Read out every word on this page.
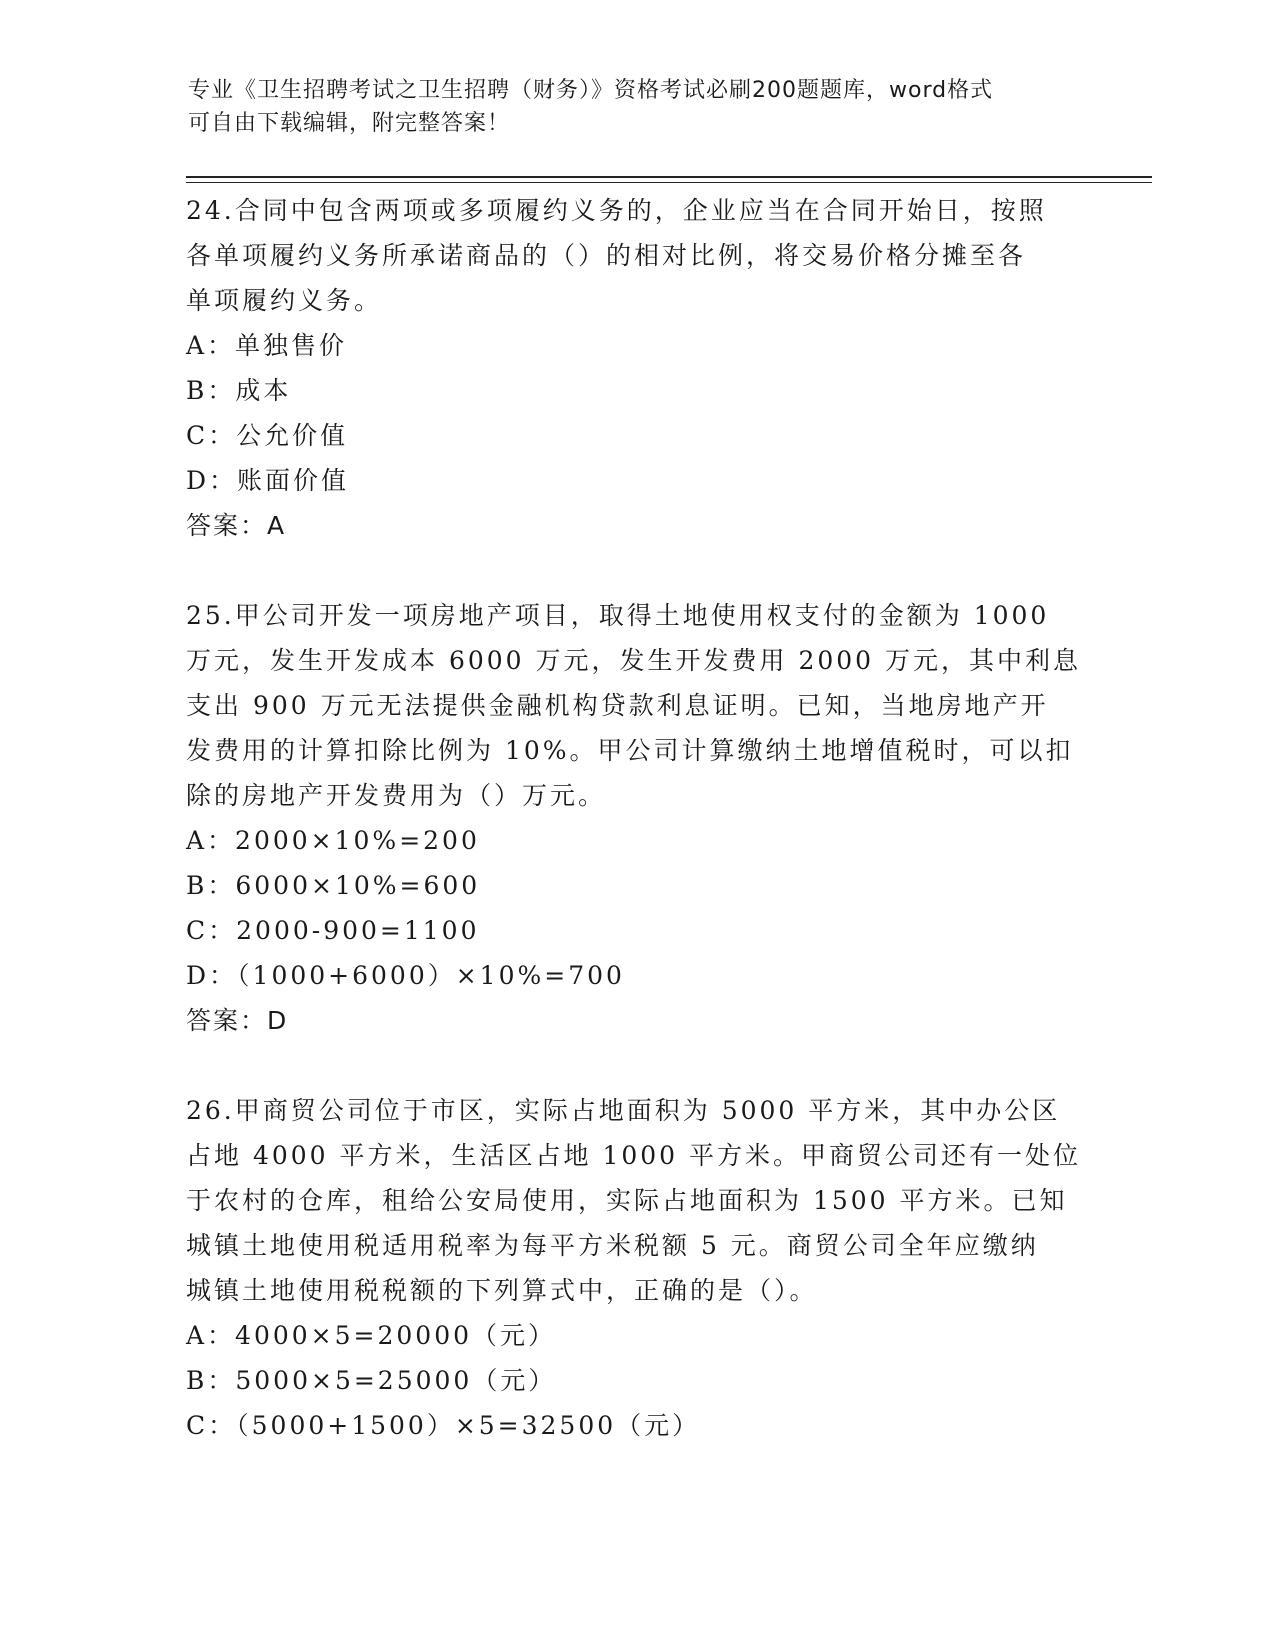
专业《卫生招聘考试之卫生招聘（财务）》资格考试必刷200题题库，word格式
可自由下载编辑，附完整答案！

24.合同中包含两项或多项履约义务的，企业应当在合同开始日，按照

各单项履约义务所承诺商品的（）的相对比例，将交易价格分摊至各

单项履约义务。

A：单独售价

B：成本

C：公允价值

D：账面价值

答案：A

25.甲公司开发一项房地产项目，取得土地使用权支付的金额为 1000

万元，发生开发成本 6000 万元，发生开发费用 2000 万元，其中利息

支出 900 万元无法提供金融机构贷款利息证明。已知，当地房地产开

发费用的计算扣除比例为 10%。甲公司计算缴纳土地增值税时，可以扣

除的房地产开发费用为（）万元。

A：2000×10%=200

B：6000×10%=600

C：2000-900=1100

D：（1000+6000）×10%=700

答案：D

26.甲商贸公司位于市区，实际占地面积为 5000 平方米，其中办公区

占地 4000 平方米，生活区占地 1000 平方米。甲商贸公司还有一处位

于农村的仓库，租给公安局使用，实际占地面积为 1500 平方米。已知

城镇土地使用税适用税率为每平方米税额 5 元。商贸公司全年应缴纳

城镇土地使用税税额的下列算式中，正确的是（）。

A：4000×5=20000（元）

B：5000×5=25000（元）

C：（5000+1500）×5=32500（元）
